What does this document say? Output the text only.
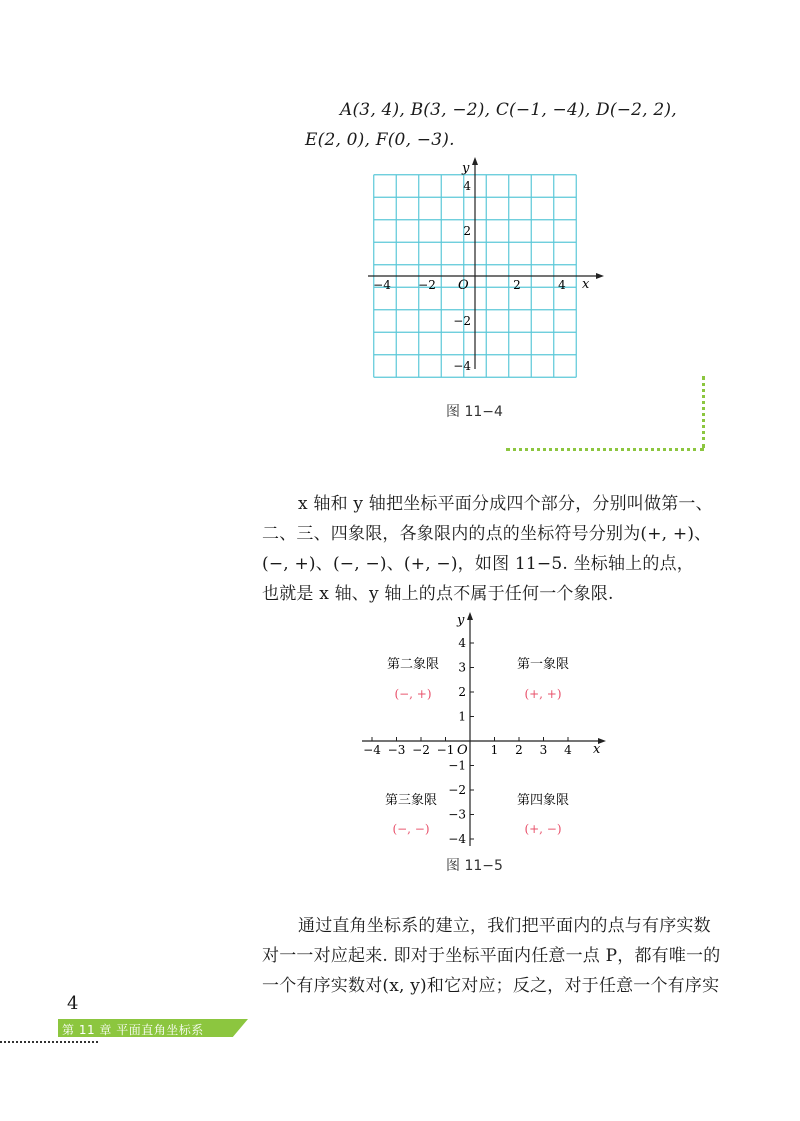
A(3, 4), B(3, −2), C(−1, −4), D(−2, 2),
E(2, 0), F(0, −3).
y
x
O
−4 −2	2	4
4
2
−2
−4
图 11−4
x 轴和 y 轴把坐标平面分成四个部分，分别叫做第一、
二、三、四象限，各象限内的点的坐标符号分别为(+, +)、
(−, +)、(−, −)、(+, −)，如图 11−5. 坐标轴上的点，
也就是 x 轴、y 轴上的点不属于任何一个象限.
y
x
O
−4 −3 −2 −1	1 2 3 4
4
3
2
1
−1
−2
−3
−4
第二象限
(−, +)
第一象限
(+, +)
第三象限
(−, −)
第四象限
(+, −)
图 11−5
通过直角坐标系的建立，我们把平面内的点与有序实数
对一一对应起来. 即对于坐标平面内任意一点 P，都有唯一的
一个有序实数对(x, y)和它对应；反之，对于任意一个有序实
4
第 11 章 平面直角坐标系
